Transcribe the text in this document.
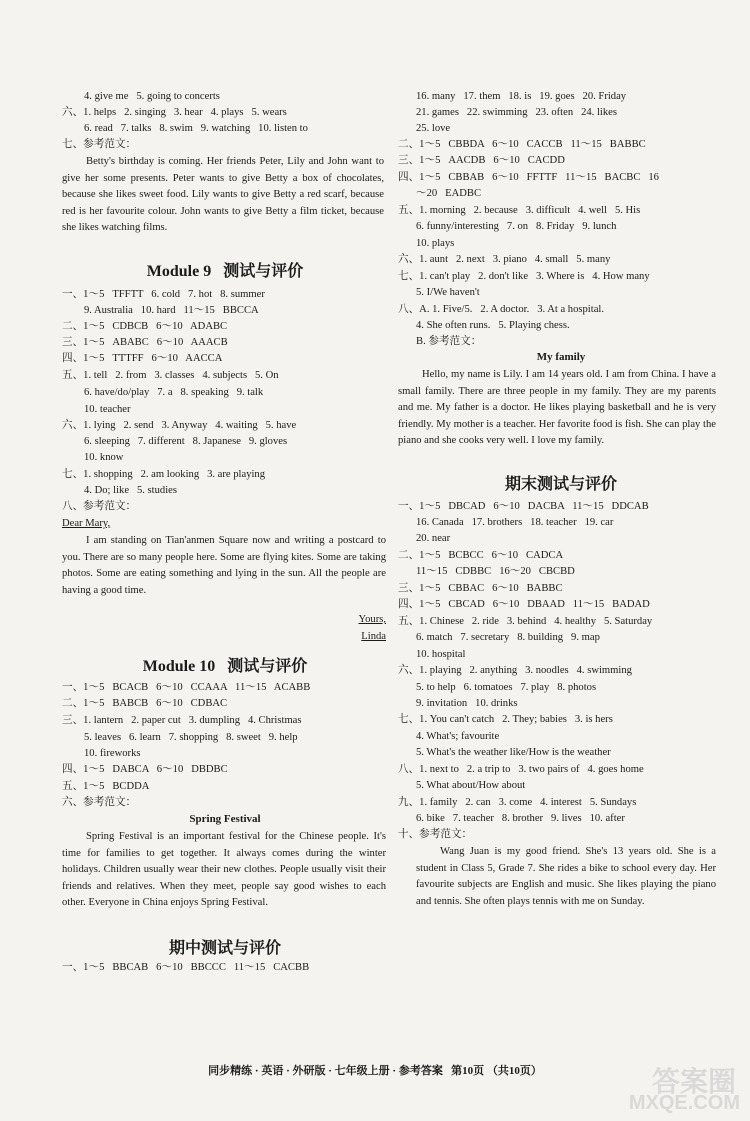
4. give me   5. going to concerts
六、1. helps   2. singing   3. hear   4. plays   5. wears
6. read   7. talks   8. swim   9. watching   10. listen to
七、参考范文：
Betty's birthday is coming. Her friends Peter, Lily and John want to give her some presents. Peter wants to give Betty a box of chocolates, because she likes sweet food. Lily wants to give Betty a red scarf, because red is her favourite colour. John wants to give Betty a film ticket, because she likes watching films.
Module 9   测试与评价
一、1～5   TFFTT   6. cold   7. hot   8. summer
9. Australia   10. hard   11～15   BBCCA
二、1～5   CDBCB   6～10   ADABC
三、1～5   ABABC   6～10   AAACB
四、1～5   TTTFF   6～10   AACCA
五、1. tell   2. from   3. classes   4. subjects   5. On
6. have/do/play   7. a   8. speaking   9. talk
10. teacher
六、1. lying   2. send   3. Anyway   4. waiting   5. have
6. sleeping   7. different   8. Japanese   9. gloves
10. know
七、1. shopping   2. am looking   3. are playing
4. Do; like   5. studies
八、参考范文：
Dear Mary,
I am standing on Tian'anmen Square now and writing a postcard to you. There are so many people here. Some are flying kites. Some are taking photos. Some are eating something and lying in the sun. All the people are having a good time.
Yours,
Linda
Module 10   测试与评价
一、1～5   BCACB   6～10   CCAAA   11～15   ACABB
二、1～5   BABCB   6～10   CDBAC
三、1. lantern   2. paper cut   3. dumpling   4. Christmas
5. leaves   6. learn   7. shopping   8. sweet   9. help
10. fireworks
四、1～5   DABCA   6～10   DBDBC
五、1～5   BCDDA
六、参考范文：
Spring Festival
Spring Festival is an important festival for the Chinese people. It's time for families to get together. It always comes during the winter holidays. Children usually wear their new clothes. People usually visit their friends and relatives. When they meet, people say good wishes to each other. Everyone in China enjoys Spring Festival.
期中测试与评价
一、1～5   BBCAB   6～10   BBCCC   11～15   CACBB
16. many   17. them   18. is   19. goes   20. Friday
21. games   22. swimming   23. often   24. likes
25. love
二、1～5   CBBDA   6～10   CACCB   11～15   BABBC
三、1～5   AACDB   6～10   CACDD
四、1～5   CBBAB   6～10   FFTTF   11～15   BACBC   16
～20   EADBC
五、1. morning   2. because   3. difficult   4. well   5. His
6. funny/interesting   7. on   8. Friday   9. lunch
10. plays
六、1. aunt   2. next   3. piano   4. small   5. many
七、1. can't play   2. don't like   3. Where is   4. How many
5. I/We haven't
八、A. 1. Five/5.   2. A doctor.   3. At a hospital.
4. She often runs.   5. Playing chess.
B. 参考范文：
My family
Hello, my name is Lily. I am 14 years old. I am from China. I have a small family. There are three people in my family. They are my parents and me. My father is a doctor. He likes playing basketball and he is very friendly. My mother is a teacher. Her favorite food is fish. She can play the piano and she cooks very well. I love my family.
期末测试与评价
一、1～5   DBCAD   6～10   DACBA   11～15   DDCAB
16. Canada   17. brothers   18. teacher   19. car
20. near
二、1～5   BCBCC   6～10   CADCA
11～15   CDBBC   16～20   CBCBD
三、1～5   CBBAC   6～10   BABBC
四、1～5   CBCAD   6～10   DBAAD   11～15   BADAD
五、1. Chinese   2. ride   3. behind   4. healthy   5. Saturday
6. match   7. secretary   8. building   9. map
10. hospital
六、1. playing   2. anything   3. noodles   4. swimming
5. to help   6. tomatoes   7. play   8. photos
9. invitation   10. drinks
七、1. You can't catch   2. They; babies   3. is hers
4. What's; favourite
5. What's the weather like/How is the weather
八、1. next to   2. a trip to   3. two pairs of   4. goes home
5. What about/How about
九、1. family   2. can   3. come   4. interest   5. Sundays
6. bike   7. teacher   8. brother   9. lives   10. after
十、参考范文：
Wang Juan is my good friend. She's 13 years old. She is a student in Class 5, Grade 7. She rides a bike to school every day. Her favourite subjects are English and music. She likes playing the piano and tennis. She often plays tennis with me on Sunday.
同步精练 · 英语 · 外研版 · 七年级上册 · 参考答案   第10页 （共10页）	答案圈
MXQE.COM
